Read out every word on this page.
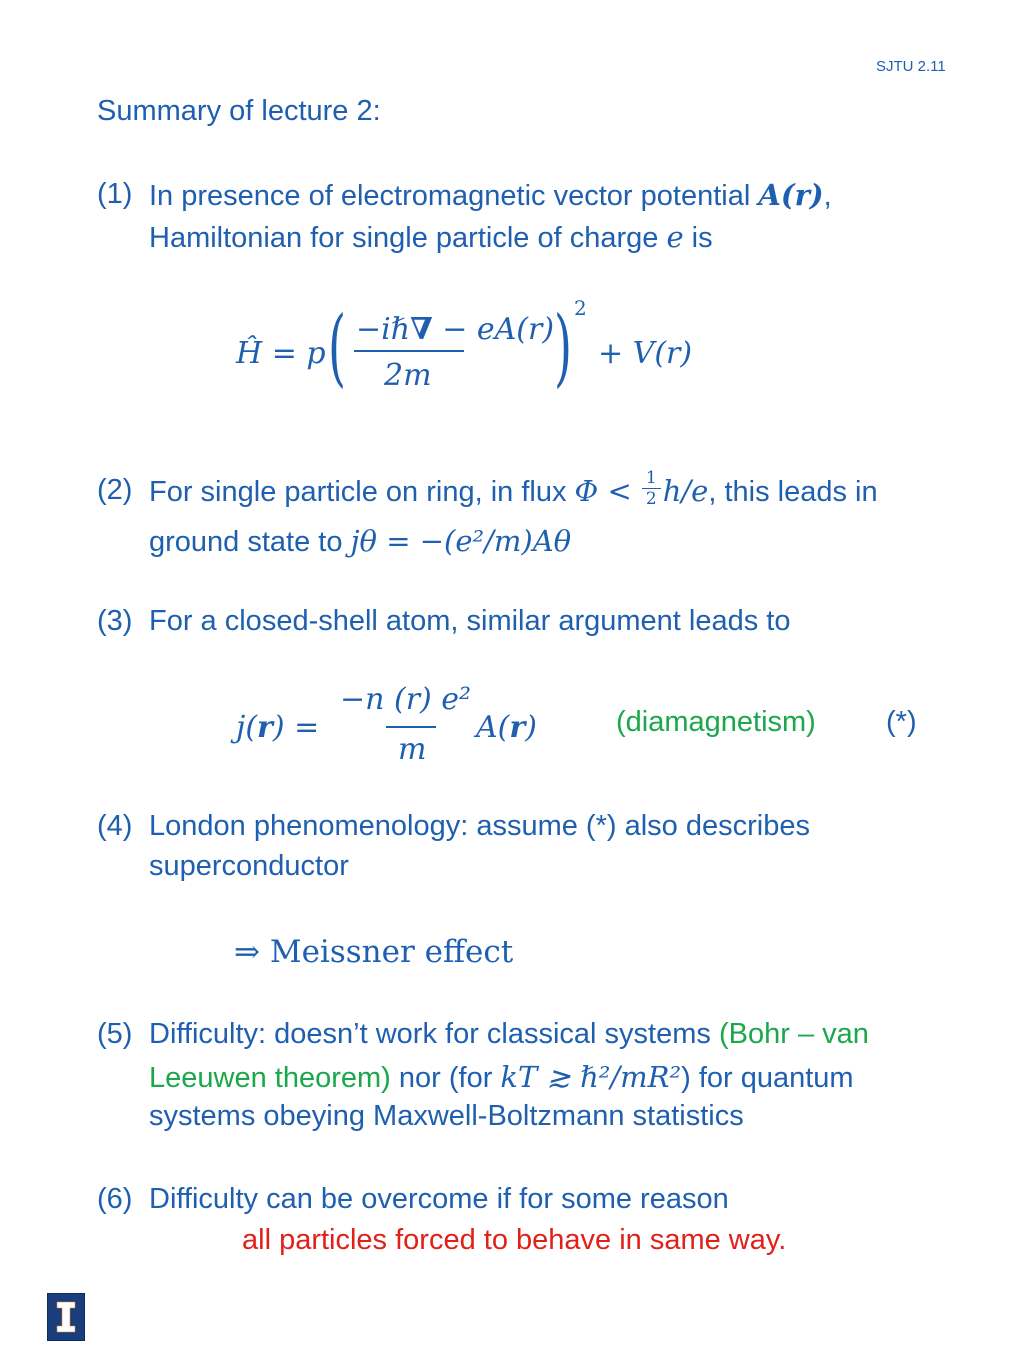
SJTU 2.11
Summary of lecture 2:
(1) In presence of electromagnetic vector potential A(r),
Hamiltonian for single particle of charge e is
Ĥ = p ( −iℏ∇ − eA(r)
2m ) 2
+ V(r)
(2) For single particle on ring, in flux $\Phi < \frac{1}{2} h/e$, this leads in
ground state to jθ = −(e²/m)Aθ
(3) For a closed-shell atom, similar argument leads to
j(r) =
−n (r) e²
m
A(r)	(diamagnetism) (*)
(4) London phenomenology: assume (*) also describes
superconductor
⇒ Meissner effect
(5) Difficulty: doesn’t work for classical systems (Bohr – van
Leeuwen theorem) nor (for kT ≳ ℏ²/mR²) for quantum
systems obeying Maxwell-Boltzmann statistics
(6) Difficulty can be overcome if for some reason
all particles forced to behave in same way.
